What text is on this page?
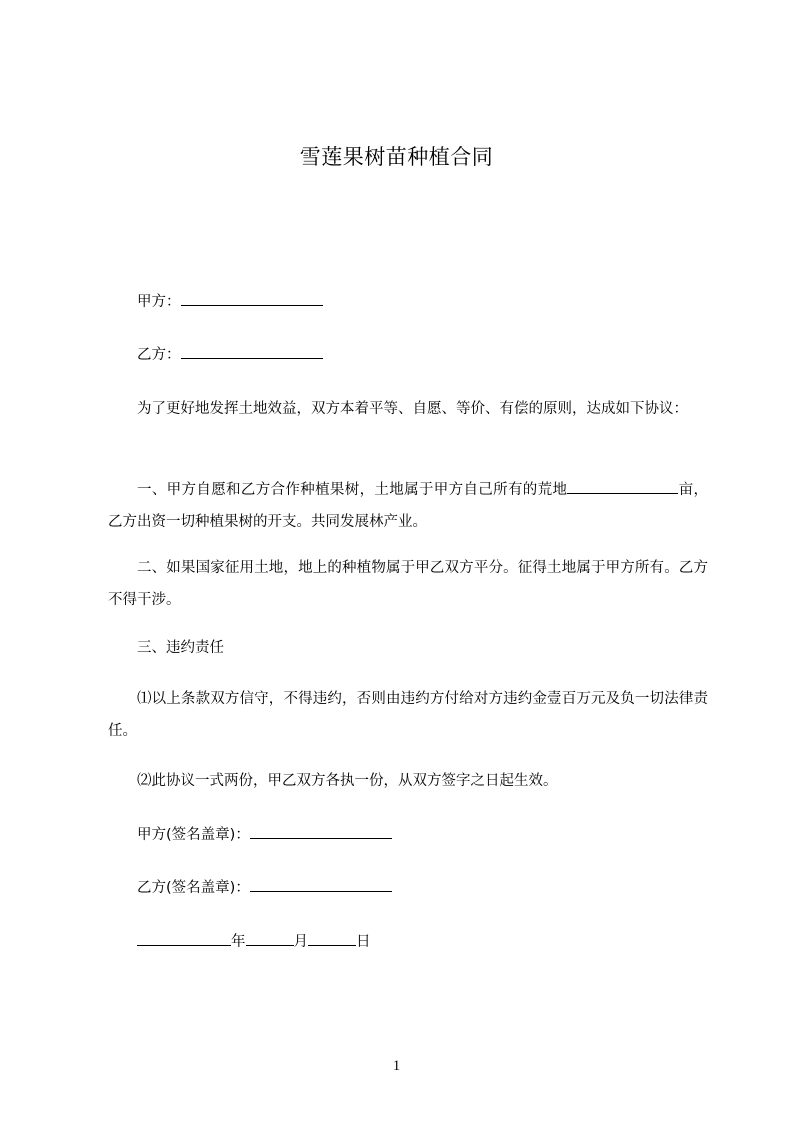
雪莲果树苗种植合同
甲方：
乙方：
为了更好地发挥土地效益，双方本着平等、自愿、等价、有偿的原则，达成如下协议：
一、甲方自愿和乙方合作种植果树，土地属于甲方自己所有的荒地	亩，乙方出资一切种植果树的开支。共同发展林产业。
二、如果国家征用土地，地上的种植物属于甲乙双方平分。征得土地属于甲方所有。乙方不得干涉。
三、违约责任
⑴以上条款双方信守，不得违约，否则由违约方付给对方违约金壹百万元及负一切法律责任。
⑵此协议一式两份，甲乙双方各执一份，从双方签字之日起生效。
甲方(签名盖章)：
乙方(签名盖章)：
年	月	日
1
